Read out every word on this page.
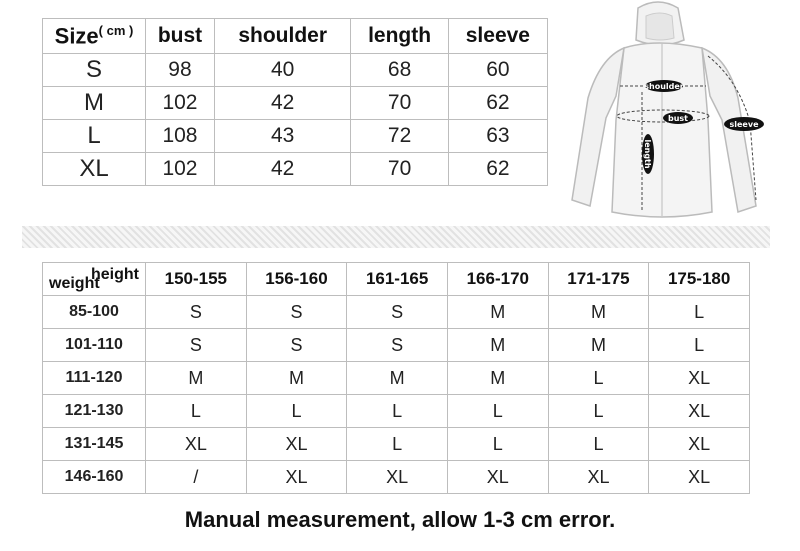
Size$^{( cm )}$	bust	shoulder	length	sleeve
S	98	40	68	60
M	102	42	70	62
L	108	43	72	63
XL	102	42	70	62
shoulder
bust
sleeve
length
height
weight	150-155	156-160	161-165	166-170	171-175	175-180
85-100	S	S	S	M	M	L
101-110	S	S	S	M	M	L
111-120	M	M	M	M	L	XL
121-130	L	L	L	L	L	XL
131-145	XL	XL	L	L	L	XL
146-160	/	XL	XL	XL	XL	XL
Manual measurement, allow 1-3 cm error.
